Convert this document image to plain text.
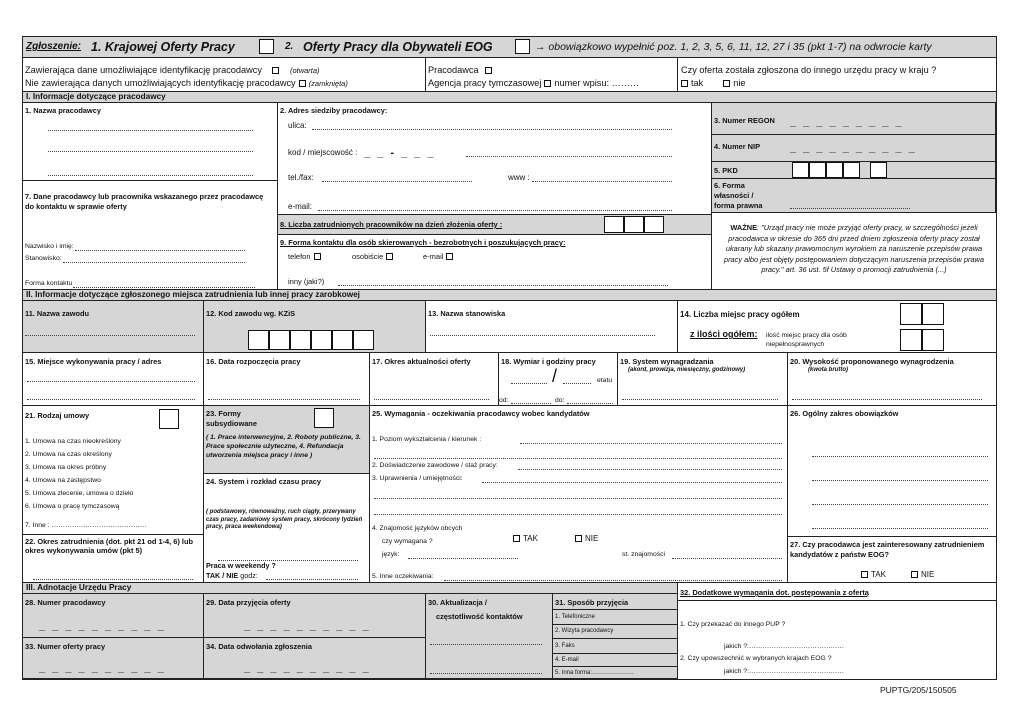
Zgłoszenie: 1. Krajowej Oferty Pracy	2. Oferty Pracy dla Obywateli EOG	→ obowiązkowo wypełnić poz. 1, 2, 3, 5, 6, 11, 12, 27 i 35 (pkt 1-7) na odwrocie karty
Zawierająca dane umożliwiające identyfikację pracodawcy	(otwarta)
Nie zawierająca danych umożliwiających identyfikację pracodawcy (zamknięta)
Pracodawca
Agencja pracy tymczasowej numer wpisu: ………
Czy oferta została zgłoszona do innego urzędu pracy w kraju ?
tak	nie
I. Informacje dotyczące pracodawcy
1. Nazwa pracodawcy
7. Dane pracodawcy lub pracownika wskazanego przez pracodawcę do kontaktu w sprawie oferty
Nazwisko i imię:
Stanowisko:
Forma kontaktu
2. Adres siedziby pracodawcy:
ulica:
kod / miejscowość : _ _ - _ _ _
tel./fax:	www :
e-mail:
8. Liczba zatrudnionych pracowników na dzień złożenia oferty :
9. Forma kontaktu dla osób skierowanych - bezrobotnych i poszukujących pracy:
telefon	osobiście	e-mail
inny (jaki?)
3. Numer REGON _ _ _ _ _ _ _ _ _
4. Numer NIP	_ _ _ _ _ _ _ _ _ _
5. PKD
6. Forma
własności /
forma prawna
WAŻNE: "Urząd pracy nie może przyjąć oferty pracy, w szczególności jeżeli pracodawca w okresie do 365 dni przed dniem zgłoszenia oferty pracy został ukarany lub skazany prawomocnym wyrokiem za naruszenie przepisów prawa pracy albo jest objęty postępowaniem dotyczącym naruszenia przepisów prawa pracy." art. 36 ust. 5f Ustawy o promocji zatrudnienia (...)
II. Informacje dotyczące zgłoszonego miejsca zatrudnienia lub innej pracy zarobkowej
11. Nazwa zawodu	12. Kod zawodu wg. KZiS	13. Nazwa stanowiska	14. Liczba miejsc pracy ogółem
z ilości ogółem: ilość miejsc pracy dla osób niepełnosprawnych
15. Miejsce wykonywania pracy / adres	16. Data rozpoczęcia pracy	17. Okres aktualności oferty	18. Wymiar i godziny pracy
/	etatu
od:	do:
19. System wynagradzania
(akord, prowizja, miesięczny, godzinowy)
20. Wysokość proponowanego wynagrodzenia
(kwota brutto)
21. Rodzaj umowy
1. Umowa na czas nieokreślony
2. Umowa na czas określony
3. Umowa na okres próbny
4. Umowa na zastępstwo
5. Umowa zlecenie, umowa o dzieło
6. Umowa o pracę tymczasową
7. Inne : ……………………………………
22. Okres zatrudnienia (dot. pkt 21 od 1-4, 6) lub okres wykonywania umów (pkt 5)
23. Formy
subsydiowane
( 1. Prace interwencyjne, 2. Roboty publiczne, 3. Prace społecznie użyteczne, 4. Refundacja utworzenia miejsca pracy i inne )
24. System i rozkład czasu pracy
( podstawowy, równoważny, ruch ciągły, przerywany czas pracy, zadaniowy system pracy, skrócony tydzień pracy, praca weekendowa)
Praca w weekendy ?
TAK / NIE godz:
25. Wymagania - oczekiwania pracodawcy wobec kandydatów
1. Poziom wykształcenia / kierunek :
2. Doświadczenie zawodowe / staż pracy:
3. Uprawnienia / umiejętności:
4. Znajomość języków obcych
czy wymagana ?	TAK	NIE
język:	st. znajomości
5. Inne oczekiwania:
26. Ogólny zakres obowiązków
27. Czy pracodawca jest zainteresowany zatrudnieniem kandydatów z państw EOG?
TAK	NIE
III. Adnotacje Urzędu Pracy
28. Numer pracodawcy
_ _ _ _ _ _ _ _ _ _
29. Data przyjęcia oferty
_ _ _ _ _ _ _ _ _ _
33. Numer oferty pracy
_ _ _ _ _ _ _ _ _ _
34. Data odwołania zgłoszenia
_ _ _ _ _ _ _ _ _ _
30. Aktualizacja /
częstotliwość kontaktów
31. Sposób przyjęcia
1. Telefoniczne
2. Wizyta pracodawcy
3. Faks
4. E-mail
5. Inna forma:…………………
32. Dodatkowe wymagania dot. postępowania z ofertą
1. Czy przekazać do innego PUP ?
jakich ?:……………………………………
2. Czy upowszechnić w wybranych krajach EOG ?
jakich ?:……………………………………
PUPTG/205/150505
